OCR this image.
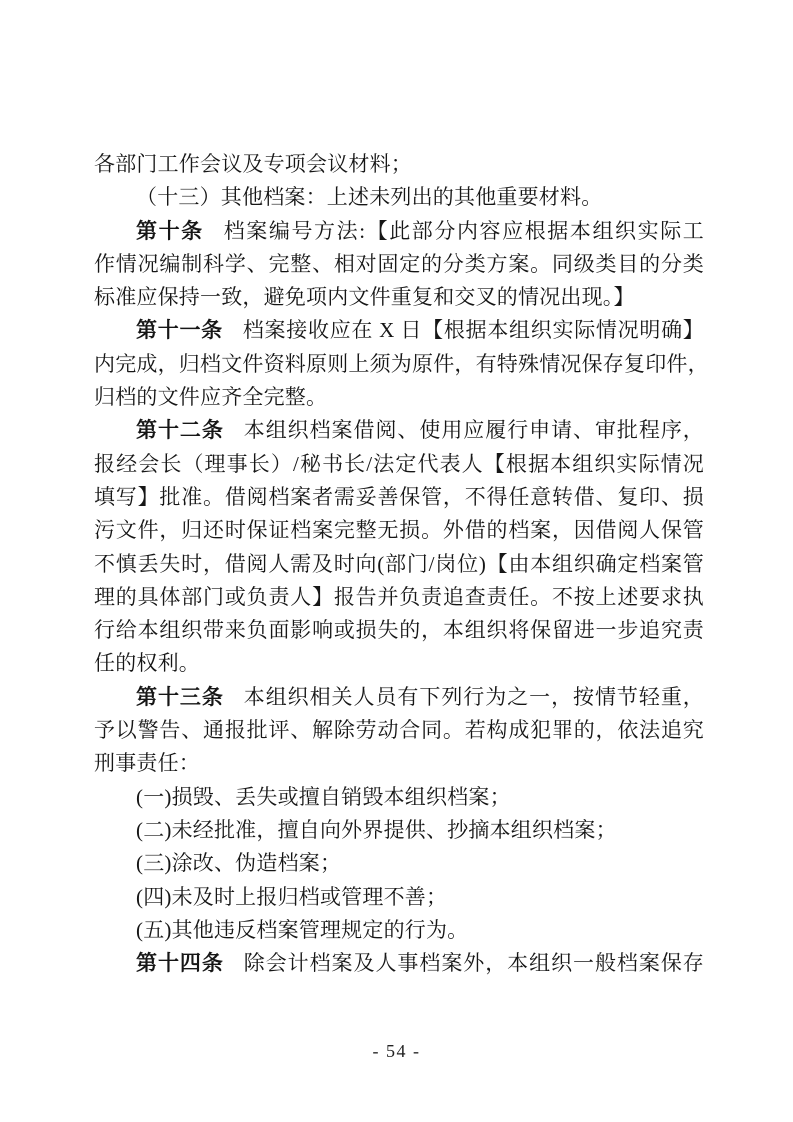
各部门工作会议及专项会议材料；
（十三）其他档案：上述未列出的其他重要材料。
第十条 档案编号方法:【此部分内容应根据本组织实际工
作情况编制科学、完整、相对固定的分类方案。同级类目的分类
标准应保持一致，避免项内文件重复和交叉的情况出现。】
第十一条 档案接收应在 X 日【根据本组织实际情况明确】
内完成，归档文件资料原则上须为原件，有特殊情况保存复印件，
归档的文件应齐全完整。
第十二条 本组织档案借阅、使用应履行申请、审批程序，
报经会长（理事长）/秘书长/法定代表人【根据本组织实际情况
填写】批准。借阅档案者需妥善保管，不得任意转借、复印、损
污文件，归还时保证档案完整无损。外借的档案，因借阅人保管
不慎丢失时，借阅人需及时向(部门/岗位)【由本组织确定档案管
理的具体部门或负责人】报告并负责追查责任。不按上述要求执
行给本组织带来负面影响或损失的，本组织将保留进一步追究责
任的权利。
第十三条 本组织相关人员有下列行为之一，按情节轻重，
予以警告、通报批评、解除劳动合同。若构成犯罪的，依法追究
刑事责任：
(一)损毁、丢失或擅自销毁本组织档案；
(二)未经批准，擅自向外界提供、抄摘本组织档案；
(三)涂改、伪造档案；
(四)未及时上报归档或管理不善；
(五)其他违反档案管理规定的行为。
第十四条 除会计档案及人事档案外，本组织一般档案保存
- 54 -
